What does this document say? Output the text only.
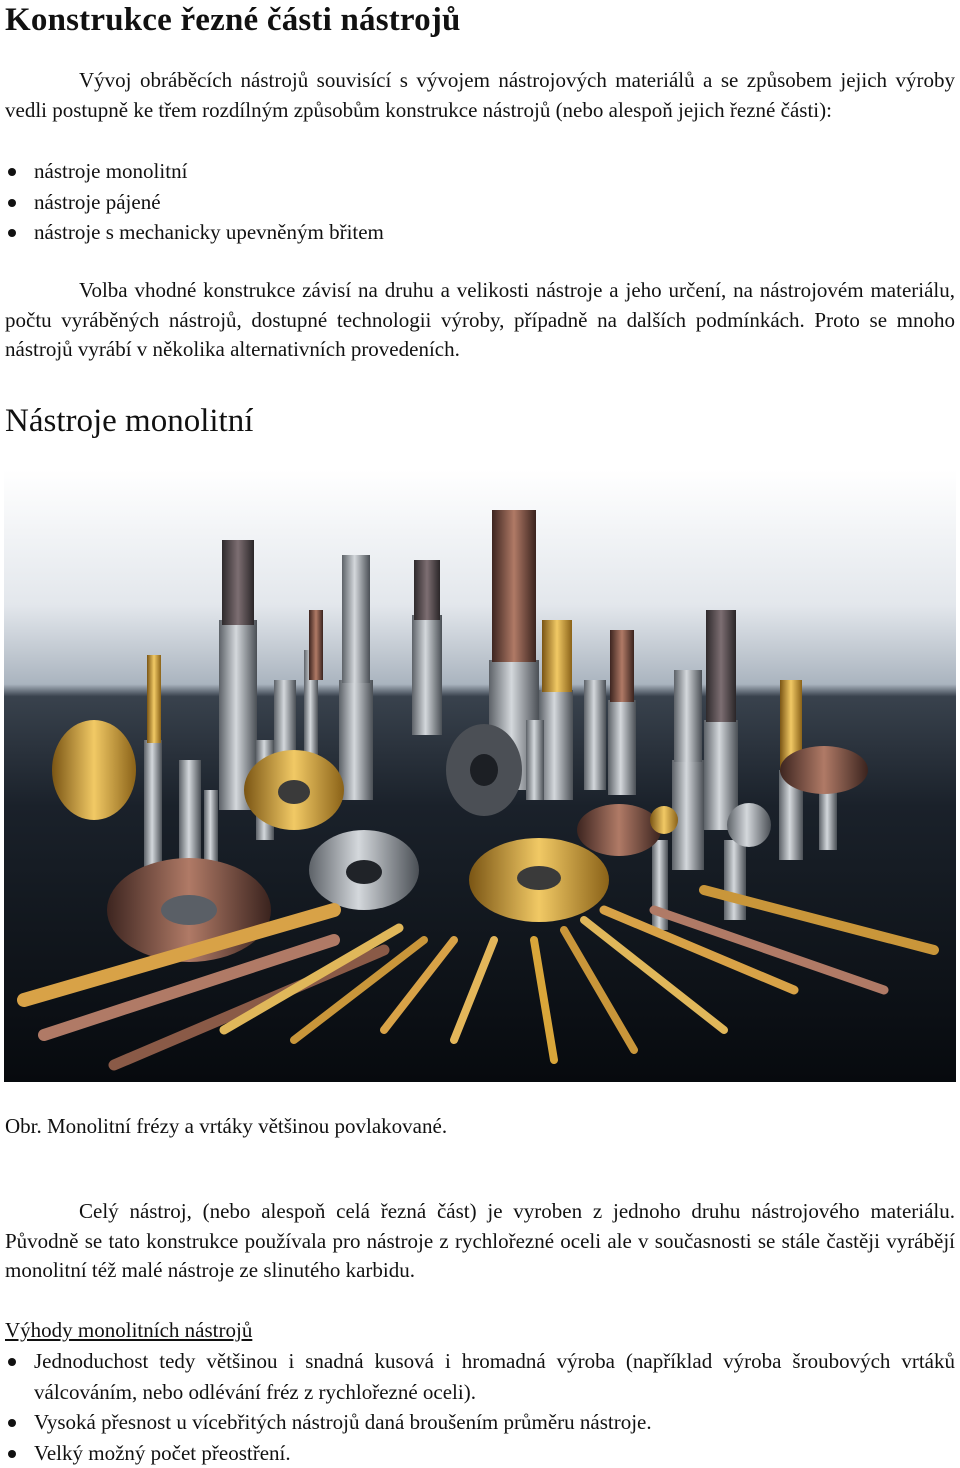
Konstrukce řezné části nástrojů

Vývoj obráběcích nástrojů souvisící s vývojem nástrojových materiálů a se způsobem jejich výroby vedli postupně ke třem rozdílným způsobům konstrukce nástrojů (nebo alespoň jejich řezné části):

nástroje monolitní
nástroje pájené
nástroje s mechanicky upevněným břitem

Volba vhodné konstrukce závisí na druhu a velikosti nástroje a jeho určení, na nástrojovém materiálu, počtu vyráběných nástrojů, dostupné technologii výroby, případně na dalších podmínkách. Proto se mnoho nástrojů vyrábí v několika alternativních provedeních.

Nástroje monolitní

Obr. Monolitní frézy a vrtáky většinou povlakované.

Celý nástroj, (nebo alespoň celá řezná část) je vyroben z jednoho druhu nástrojového materiálu. Původně se tato konstrukce používala pro nástroje z rychlořezné oceli ale v současnosti se stále častěji vyrábějí monolitní též malé nástroje ze slinutého karbidu.

Výhody monolitních nástrojů

Jednoduchost tedy většinou i snadná kusová i hromadná výroba (například výroba šroubových vrtáků válcováním, nebo odlévání fréz z rychlořezné oceli).
Vysoká přesnost u vícebřitých nástrojů daná broušením průměru nástroje.
Velký možný počet přeostření.
